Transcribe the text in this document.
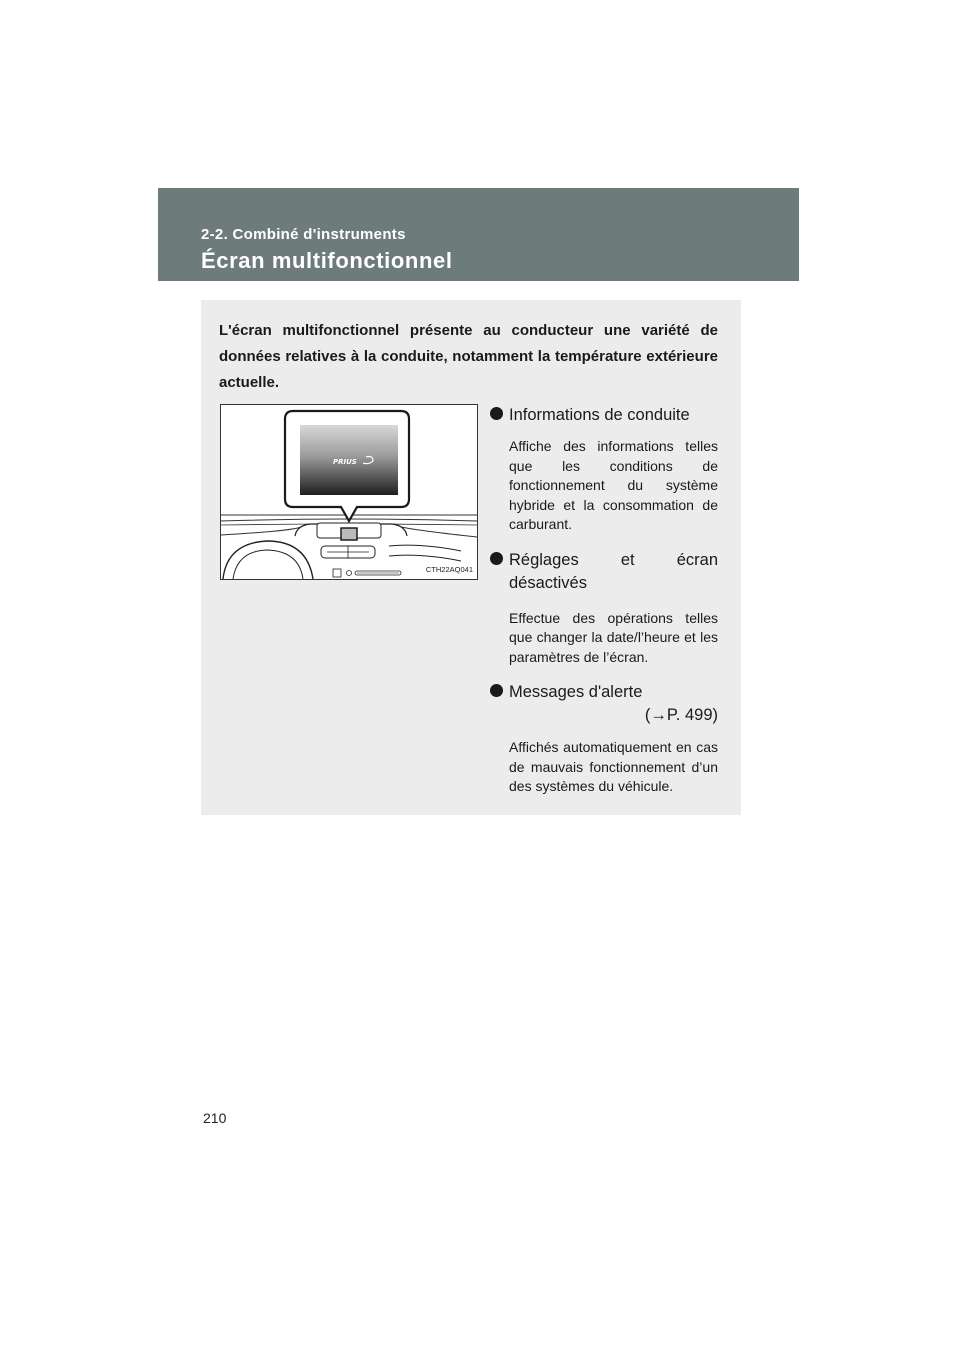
2-2. Combiné d'instruments
Écran multifonctionnel
L'écran multifonctionnel présente au conducteur une variété de données relatives à la conduite, notamment la température extérieure actuelle.
PRIUS
CTH22AQ041
Informations de conduite
Affiche des informations telles que les conditions de fonctionnement du système hybride et la consommation de carburant.
Réglages et écran
désactivés
Effectue des opérations telles que changer la date/l’heure et les paramètres de l’écran.
Messages d'alerte
(→P. 499)
Affichés automatiquement en cas de mauvais fonctionnement d’un des systèmes du véhicule.
210
